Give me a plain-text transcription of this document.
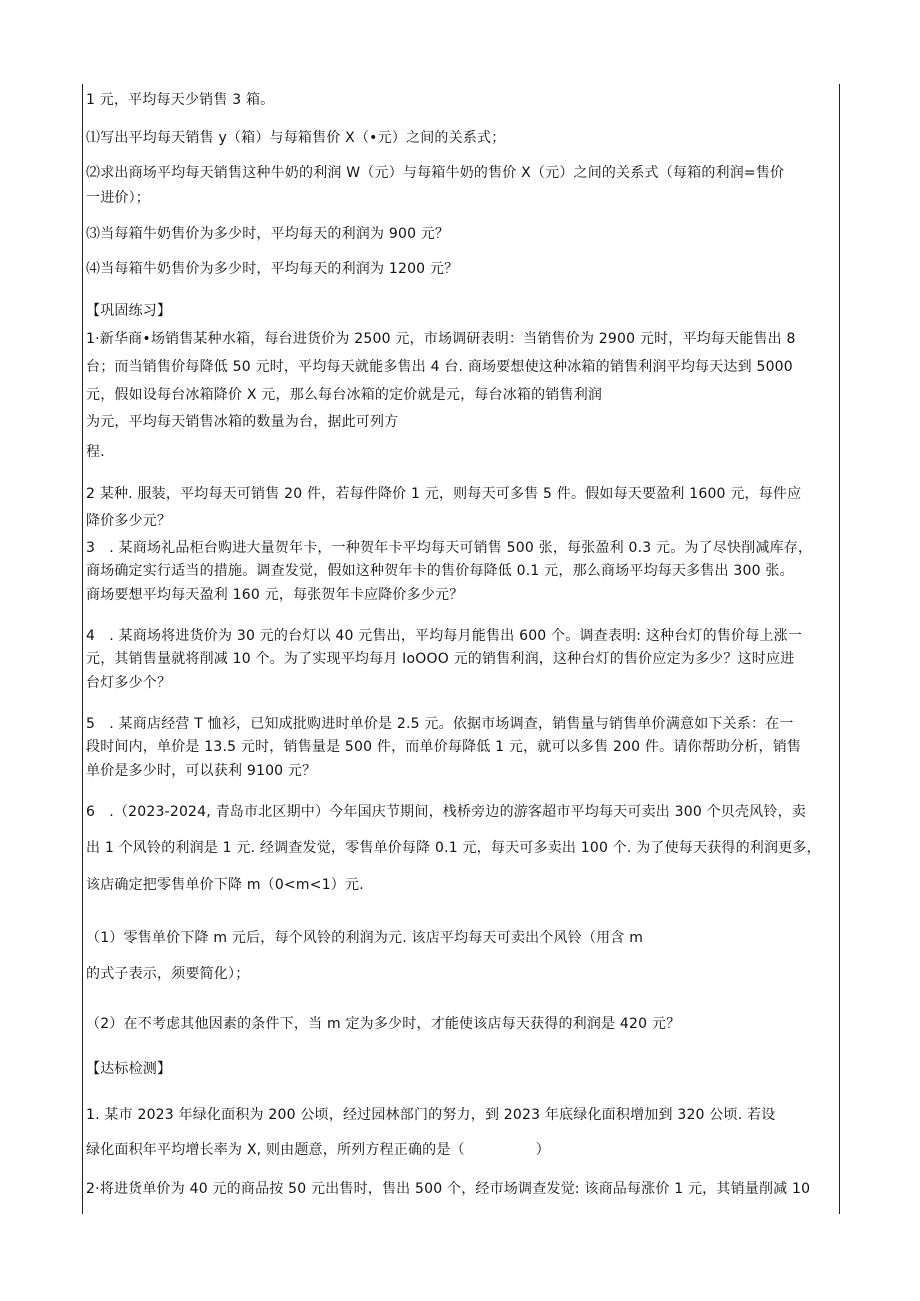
1 元，平均每天少销售 3 箱。
⑴写出平均每天销售 y（箱）与每箱售价 X（•元）之间的关系式；
⑵求出商场平均每天销售这种牛奶的利润 W（元）与每箱牛奶的售价 X（元）之间的关系式（每箱的利润=售价
一进价）；
⑶当每箱牛奶售价为多少时，平均每天的利润为 900 元？
⑷当每箱牛奶售价为多少时，平均每天的利润为 1200 元？
【巩固练习】
1·新华商•场销售某种水箱，每台进货价为 2500 元，市场调研表明：当销售价为 2900 元时，平均每天能售出 8
台；而当销售价每降低 50 元时，平均每天就能多售出 4 台. 商场要想使这种冰箱的销售利润平均每天达到 5000
元，假如设每台冰箱降价 X 元，那么每台冰箱的定价就是元，每台冰箱的销售利润
为元，平均每天销售冰箱的数量为台，据此可列方
程.
2 某种. 服装，平均每天可销售 20 件，若每件降价 1 元，则每天可多售 5 件。假如每天要盈利 1600 元，每件应
降价多少元？
3　. 某商场礼品柜台购进大量贺年卡，一种贺年卡平均每天可销售 500 张，每张盈利 0.3 元。为了尽快削减库存，
商场确定实行适当的措施。调查发觉，假如这种贺年卡的售价每降低 0.1 元，那么商场平均每天多售出 300 张。
商场要想平均每天盈利 160 元，每张贺年卡应降价多少元？
4　. 某商场将进货价为 30 元的台灯以 40 元售出，平均每月能售出 600 个。调查表明: 这种台灯的售价每上涨一
元，其销售量就将削减 10 个。为了实现平均每月 IoOOO 元的销售利润，这种台灯的售价应定为多少？这时应进
台灯多少个？
5　. 某商店经营 T 恤衫，已知成批购进时单价是 2.5 元。依据市场调查，销售量与销售单价满意如下关系：在一
段时间内，单价是 13.5 元时，销售量是 500 件，而单价每降低 1 元，就可以多售 200 件。请你帮助分析，销售
单价是多少时，可以获利 9100 元？
6　.（2023-2024, 青岛市北区期中）今年国庆节期间，栈桥旁边的游客超市平均每天可卖出 300 个贝壳风铃，卖
出 1 个风铃的利润是 1 元. 经调查发觉，零售单价每降 0.1 元，每天可多卖出 100 个. 为了使每天获得的利润更多，
该店确定把零售单价下降 m（0<m<1）元.
（1）零售单价下降 m 元后，每个风铃的利润为元. 该店平均每天可卖出个风铃（用含 m
的式子表示，须要简化）；
（2）在不考虑其他因素的条件下，当 m 定为多少时，才能使该店每天获得的利润是 420 元？
【达标检测】
1. 某市 2023 年绿化面积为 200 公顷，经过园林部门的努力，到 2023 年底绿化面积增加到 320 公顷. 若设
绿化面积年平均增长率为 X, 则由题意，所列方程正确的是（　　　　　）
2·将进货单价为 40 元的商品按 50 元出售时，售出 500 个，经市场调查发觉: 该商品每涨价 1 元，其销量削减 10
